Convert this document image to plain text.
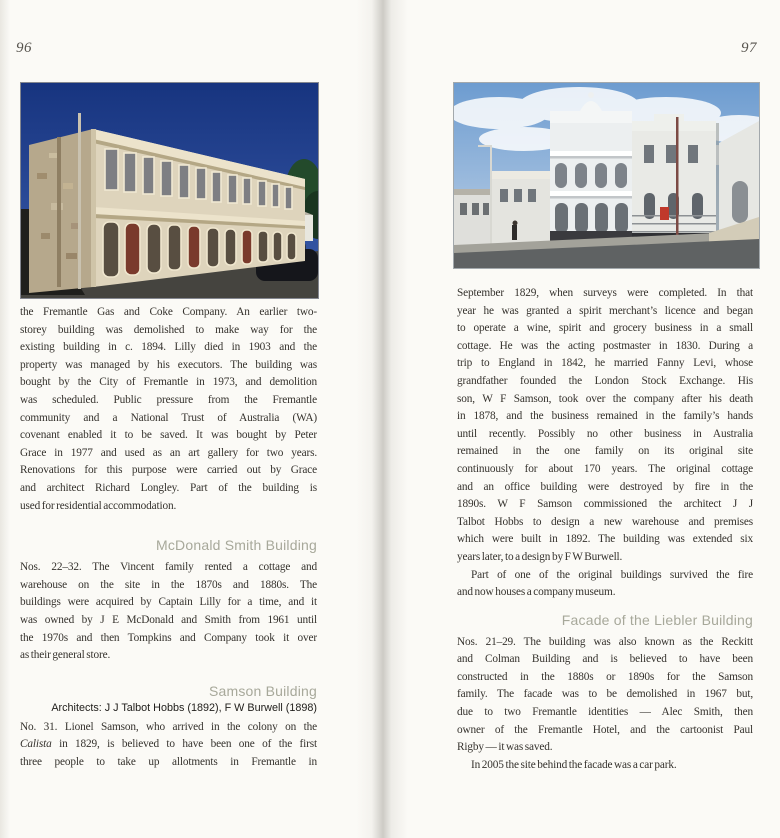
96
the Fremantle Gas and Coke Company. An earlier two-
storey building was demolished to make way for the
existing building in c. 1894. Lilly died in 1903 and the
property was managed by his executors. The building was
bought by the City of Fremantle in 1973, and demolition
was scheduled. Public pressure from the Fremantle
community and a National Trust of Australia (WA)
covenant enabled it to be saved. It was bought by Peter
Grace in 1977 and used as an art gallery for two years.
Renovations for this purpose were carried out by Grace
and architect Richard Longley. Part of the building is
used for residential accommodation.
McDonald Smith Building
Nos. 22–32. The Vincent family rented a cottage and
warehouse on the site in the 1870s and 1880s. The
buildings were acquired by Captain Lilly for a time, and it
was owned by J E McDonald and Smith from 1961 until
the 1970s and then Tompkins and Company took it over
as their general store.
Samson Building
Architects: J J Talbot Hobbs (1892), F W Burwell (1898)
No. 31. Lionel Samson, who arrived in the colony on the
Calista in 1829, is believed to have been one of the first
three people to take up allotments in Fremantle in
97
September 1829, when surveys were completed. In that
year he was granted a spirit merchant’s licence and began
to operate a wine, spirit and grocery business in a small
cottage. He was the acting postmaster in 1830. During a
trip to England in 1842, he married Fanny Levi, whose
grandfather founded the London Stock Exchange. His
son, W F Samson, took over the company after his death
in 1878, and the business remained in the family’s hands
until recently. Possibly no other business in Australia
remained in the one family on its original site
continuously for about 170 years. The original cottage
and an office building were destroyed by fire in the
1890s. W F Samson commissioned the architect J J
Talbot Hobbs to design a new warehouse and premises
which were built in 1892. The building was extended six
years later, to a design by F W Burwell.
Part of one of the original buildings survived the fire
and now houses a company museum.
Facade of the Liebler Building
Nos. 21–29. The building was also known as the Reckitt
and Colman Building and is believed to have been
constructed in the 1880s or 1890s for the Samson
family. The facade was to be demolished in 1967 but,
due to two Fremantle identities — Alec Smith, then
owner of the Fremantle Hotel, and the cartoonist Paul
Rigby — it was saved.
In 2005 the site behind the facade was a car park.
